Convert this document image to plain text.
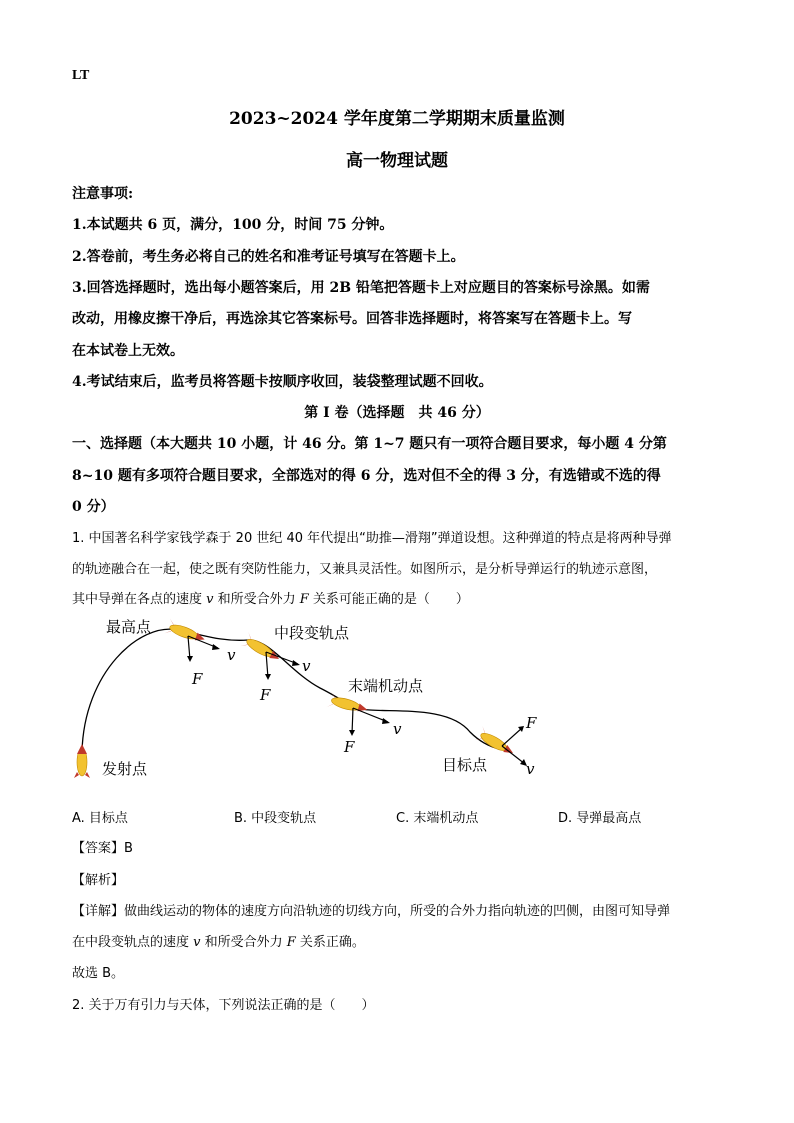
LT
2023~2024 学年度第二学期期末质量监测
高一物理试题
注意事项:
1.本试题共 6 页，满分，100 分，时间 75 分钟。
2.答卷前，考生务必将自己的姓名和准考证号填写在答题卡上。
3.回答选择题时，选出每小题答案后，用 2B 铅笔把答题卡上对应题目的答案标号涂黑。如需
改动，用橡皮擦干净后，再选涂其它答案标号。回答非选择题时，将答案写在答题卡上。写
在本试卷上无效。
4.考试结束后，监考员将答题卡按顺序收回，装袋整理试题不回收。
第 I 卷（选择题　共 46 分）
一、选择题（本大题共 10 小题，计 46 分。第 1~7 题只有一项符合题目要求，每小题 4 分第
8~10 题有多项符合题目要求，全部选对的得 6 分，选对但不全的得 3 分，有选错或不选的得
0 分）
1. 中国著名科学家钱学森于 20 世纪 40 年代提出“助推—滑翔”弹道设想。这种弹道的特点是将两种导弹
的轨迹融合在一起，使之既有突防性能力，又兼具灵活性。如图所示，是分析导弹运行的轨迹示意图，
其中导弹在各点的速度 v 和所受合外力 F 关系可能正确的是（　　）
最高点	中段变轨点
末端机动点
发射点	目标点
v
F
v
F
v
F
F
v
A. 目标点	B. 中段变轨点	C. 末端机动点	D. 导弹最高点
【答案】B
【解析】
【详解】做曲线运动的物体的速度方向沿轨迹的切线方向，所受的合外力指向轨迹的凹侧，由图可知导弹
在中段变轨点的速度 v 和所受合外力 F 关系正确。
故选 B。
2. 关于万有引力与天体，下列说法正确的是（　　）
